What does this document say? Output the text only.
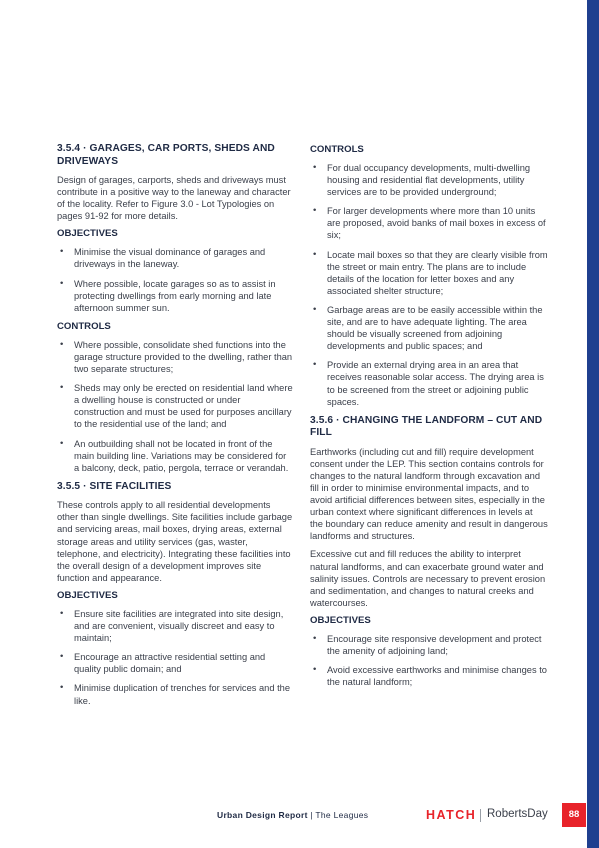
3.5.4 · GARAGES, CAR PORTS, SHEDS AND DRIVEWAYS
Design of garages, carports, sheds and driveways must contribute in a positive way to the laneway and character of the locality. Refer to Figure 3.0 - Lot Typologies on pages 91-92 for more details.
OBJECTIVES
• Minimise the visual dominance of garages and driveways in the laneway.
• Where possible, locate garages so as to assist in protecting dwellings from early morning and late afternoon summer sun.
CONTROLS
• Where possible, consolidate shed functions into the garage structure provided to the dwelling, rather than two separate structures;
• Sheds may only be erected on residential land where a dwelling house is constructed or under construction and must be used for purposes ancillary to the residential use of the land; and
• An outbuilding shall not be located in front of the main building line. Variations may be considered for a balcony, deck, patio, pergola, terrace or verandah.
3.5.5 · SITE FACILITIES
These controls apply to all residential developments other than single dwellings. Site facilities include garbage and servicing areas, mail boxes, drying areas, external storage areas and utility services (gas, waster, telephone, and electricity). Integrating these facilities into the overall design of a development improves site function and appearance.
OBJECTIVES
• Ensure site facilities are integrated into site design, and are convenient, visually discreet and easy to maintain;
• Encourage an attractive residential setting and quality public domain; and
• Minimise duplication of trenches for services and the like.
CONTROLS
• For dual occupancy developments, multi-dwelling housing and residential flat developments, utility services are to be provided underground;
• For larger developments where more than 10 units are proposed, avoid banks of mail boxes in excess of six;
• Locate mail boxes so that they are clearly visible from the street or main entry. The plans are to include details of the location for letter boxes and any associated shelter structure;
• Garbage areas are to be easily accessible within the site, and are to have adequate lighting. The area should be visually screened from adjoining developments and public spaces; and
• Provide an external drying area in an area that receives reasonable solar access. The drying area is to be screened from the street or adjoining public spaces.
3.5.6 · CHANGING THE LANDFORM – CUT AND FILL
Earthworks (including cut and fill) require development consent under the LEP. This section contains controls for changes to the natural landform through excavation and fill in order to minimise environmental impacts, and to avoid artificial differences between sites, especially in the urban context where significant differences in levels at the boundary can reduce amenity and result in dangerous landforms and structures.
Excessive cut and fill reduces the ability to interpret natural landforms, and can exacerbate ground water and salinity issues. Controls are necessary to prevent erosion and sedimentation, and changes to natural creeks and watercourses.
OBJECTIVES
• Encourage site responsive development and protect the amenity of adjoining land;
• Avoid excessive earthworks and minimise changes to the natural landform;
Urban Design Report | The Leagues	HATCH RobertsDay	88
